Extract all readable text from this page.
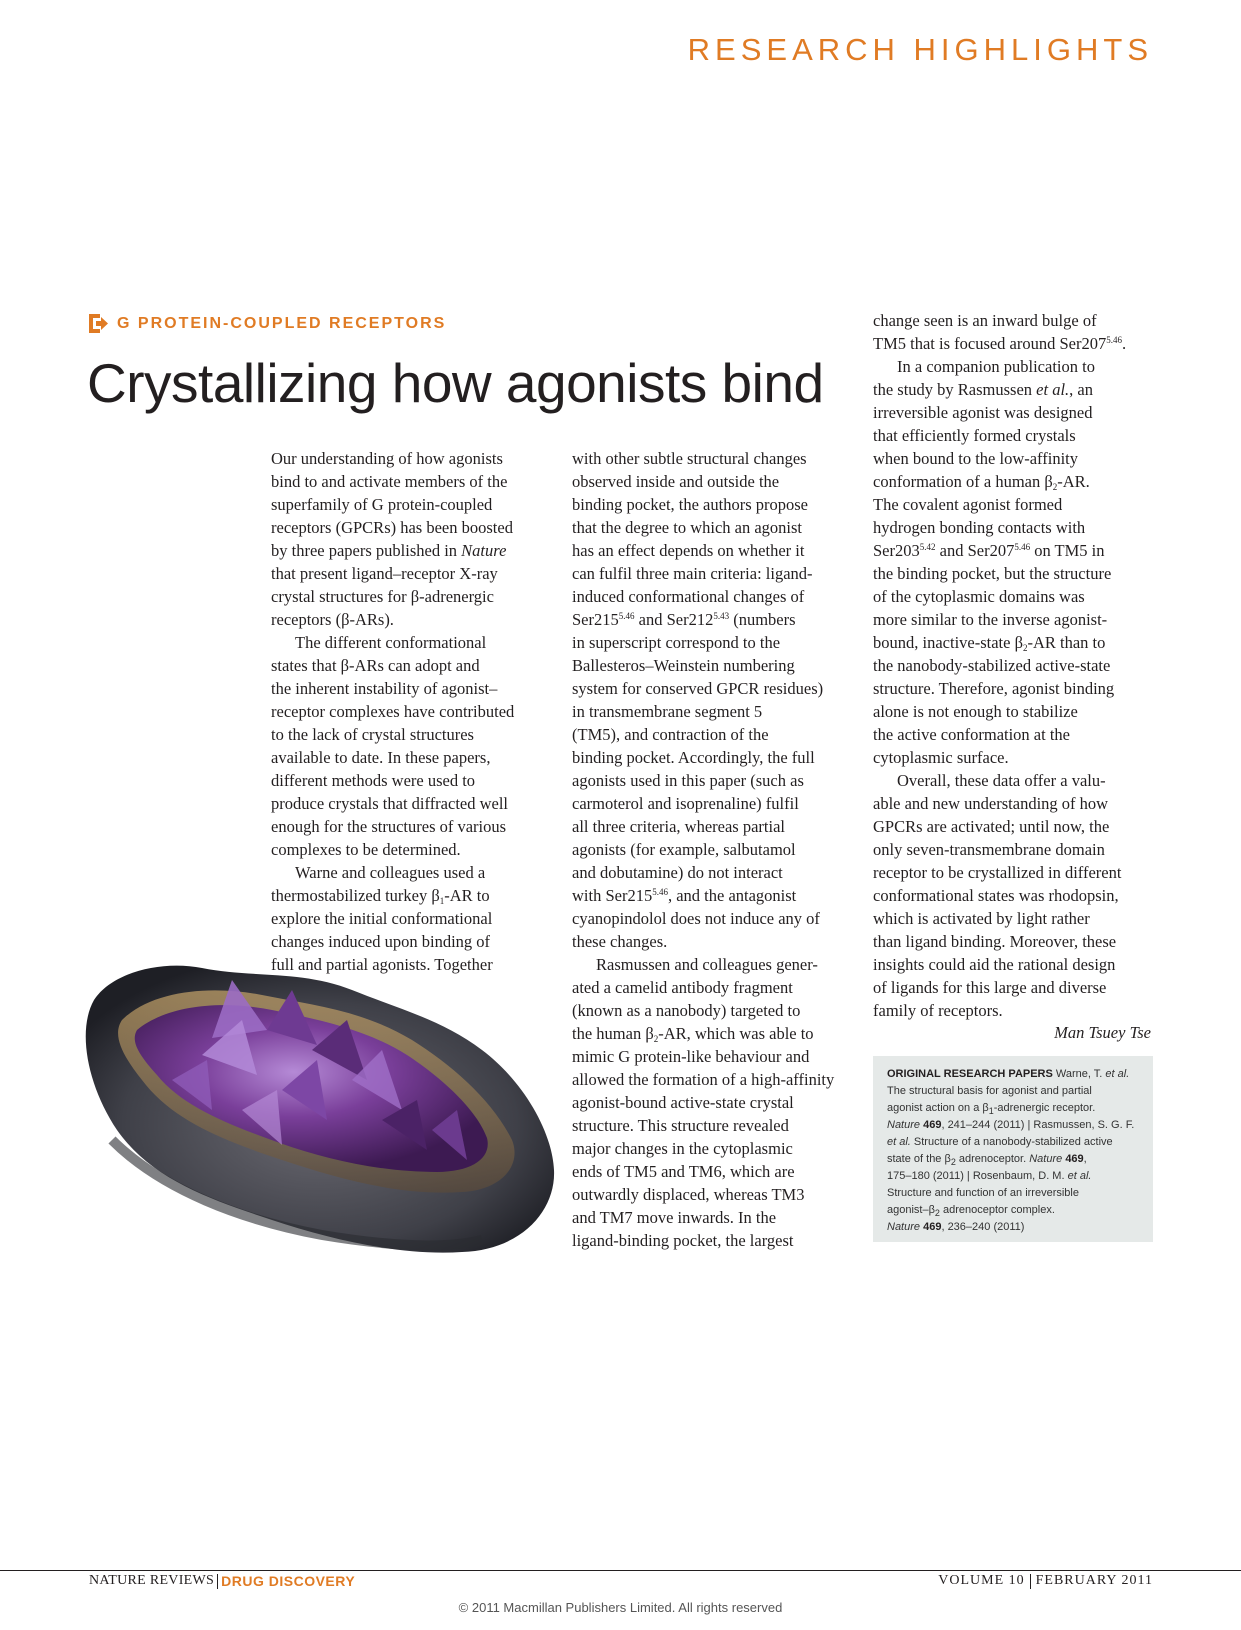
RESEARCH HIGHLIGHTS
G PROTEIN-COUPLED RECEPTORS
Crystallizing how agonists bind
Our understanding of how agonists
bind to and activate members of the
superfamily of G protein-coupled
receptors (GPCRs) has been boosted
by three papers published in Nature
that present ligand–receptor X-ray
crystal structures for β-adrenergic
receptors (β-ARs).
The different conformational
states that β-ARs can adopt and
the inherent instability of agonist–
receptor complexes have contributed
to the lack of crystal structures
available to date. In these papers,
different methods were used to
produce crystals that diffracted well
enough for the structures of various
complexes to be determined.
Warne and colleagues used a
thermostabilized turkey $\beta_1-AR$ to
explore the initial conformational
changes induced upon binding of
full and partial agonists. Together
with other subtle structural changes
observed inside and outside the
binding pocket, the authors propose
that the degree to which an agonist
has an effect depends on whether it
can fulfil three main criteria: ligand-
induced conformational changes of
$Ser215^{5.46}$ and $Ser212^{5.43}$ (numbers
in superscript correspond to the
Ballesteros–Weinstein numbering
system for conserved GPCR residues)
in transmembrane segment 5
(TM5), and contraction of the
binding pocket. Accordingly, the full
agonists used in this paper (such as
carmoterol and isoprenaline) fulfil
all three criteria, whereas partial
agonists (for example, salbutamol
and dobutamine) do not interact
with $Ser215^{5.46}$, and the antagonist
cyanopindolol does not induce any of
these changes.
Rasmussen and colleagues gener-
ated a camelid antibody fragment
(known as a nanobody) targeted to
the human $\beta_2-AR$, which was able to
mimic G protein-like behaviour and
allowed the formation of a high-affinity
agonist-bound active-state crystal
structure. This structure revealed
major changes in the cytoplasmic
ends of TM5 and TM6, which are
outwardly displaced, whereas TM3
and TM7 move inwards. In the
ligand-binding pocket, the largest
change seen is an inward bulge of
TM5 that is focused around $Ser207^{5.46}$.
In a companion publication to
the study by Rasmussen et al., an
irreversible agonist was designed
that efficiently formed crystals
when bound to the low-affinity
conformation of a human $\beta_2-AR$.
The covalent agonist formed
hydrogen bonding contacts with
$Ser203^{5.42}$ and $Ser207^{5.46}$ on TM5 in
the binding pocket, but the structure
of the cytoplasmic domains was
more similar to the inverse agonist-
bound, inactive-state $\beta_2-AR$ than to
the nanobody-stabilized active-state
structure. Therefore, agonist binding
alone is not enough to stabilize
the active conformation at the
cytoplasmic surface.
Overall, these data offer a valu-
able and new understanding of how
GPCRs are activated; until now, the
only seven-transmembrane domain
receptor to be crystallized in different
conformational states was rhodopsin,
which is activated by light rather
than ligand binding. Moreover, these
insights could aid the rational design
of ligands for this large and diverse
family of receptors.
Man Tsuey Tse
ORIGINAL RESEARCH PAPERS Warne, T. et al.
The structural basis for agonist and partial
agonist action on a $\beta_1$-adrenergic receptor.
Nature 469, 241–244 (2011) | Rasmussen, S. G. F.
et al. Structure of a nanobody-stabilized active
state of the $\beta_2$ adrenoceptor. Nature 469,
175–180 (2011) | Rosenbaum, D. M. et al.
Structure and function of an irreversible
agonist–$\beta_2$ adrenoceptor complex.
Nature 469, 236–240 (2011)
NATURE REVIEWS DRUG DISCOVERY	VOLUME 10 FEBRUARY 2011
© 2011 Macmillan Publishers Limited. All rights reserved
